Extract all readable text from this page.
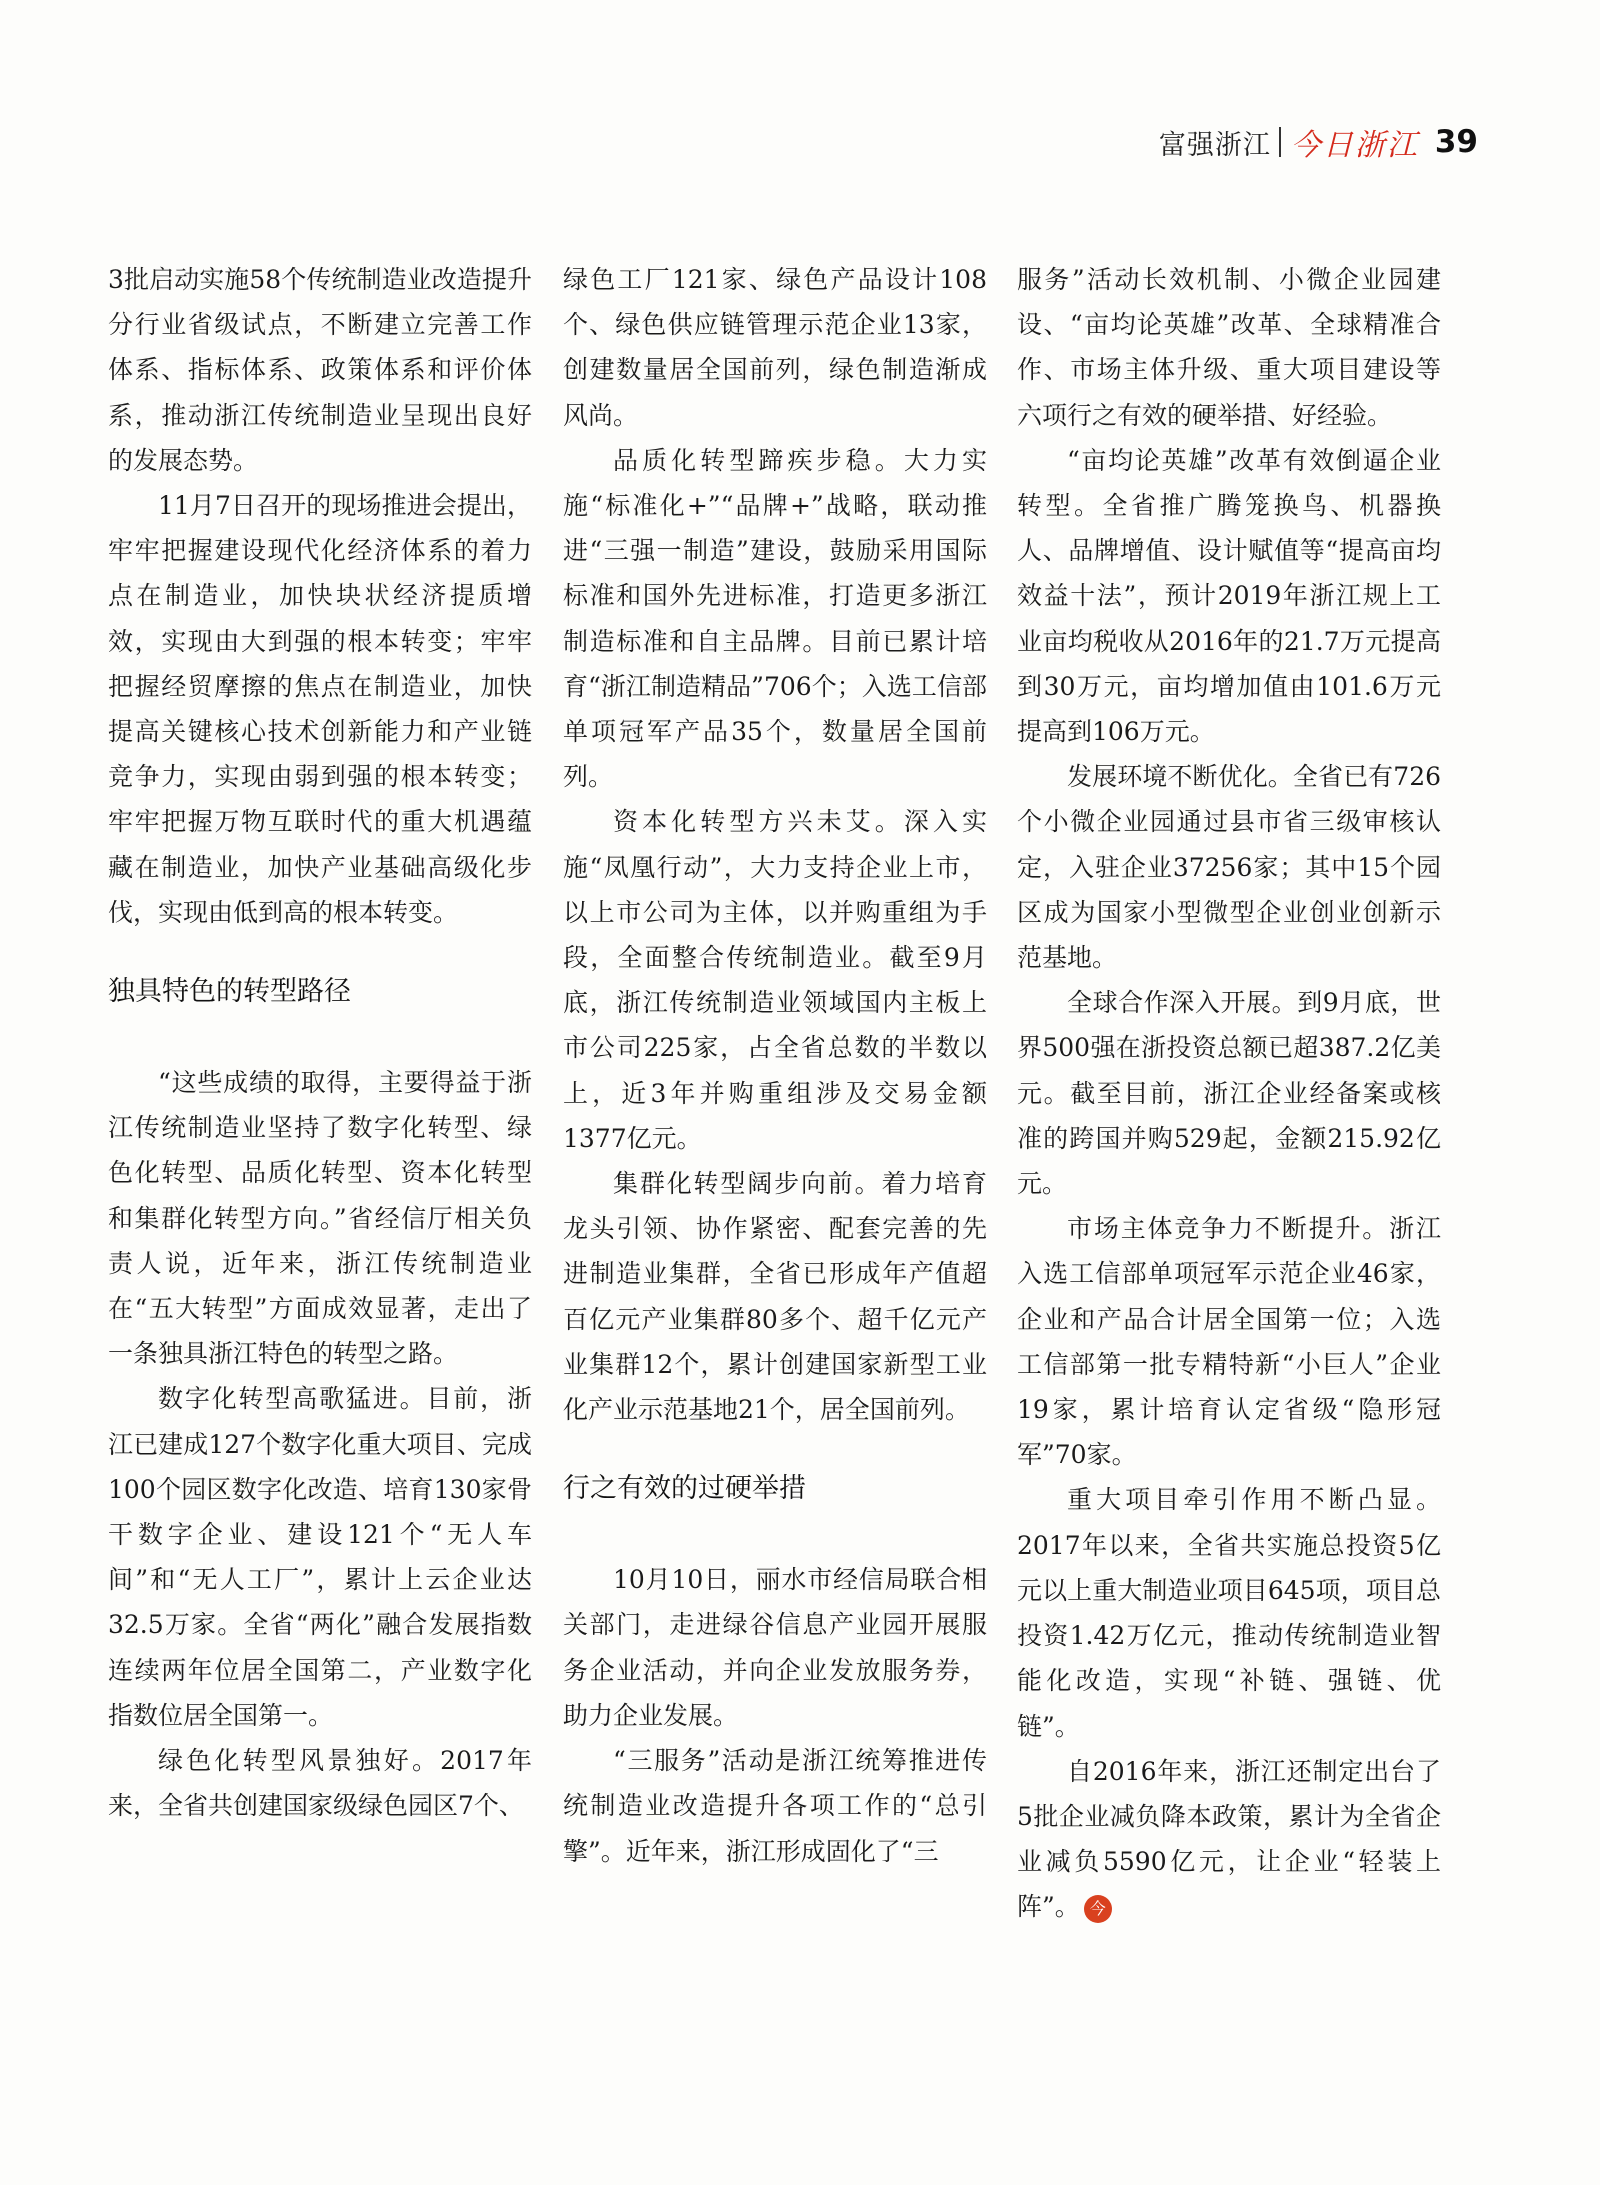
富强浙江 今日浙江 39

3批启动实施58个传统制造业改造提升分行业省级试点，不断建立完善工作体系、指标体系、政策体系和评价体系，推动浙江传统制造业呈现出良好的发展态势。

11月7日召开的现场推进会提出，牢牢把握建设现代化经济体系的着力点在制造业，加快块状经济提质增效，实现由大到强的根本转变；牢牢把握经贸摩擦的焦点在制造业，加快提高关键核心技术创新能力和产业链竞争力，实现由弱到强的根本转变；牢牢把握万物互联时代的重大机遇蕴藏在制造业，加快产业基础高级化步伐，实现由低到高的根本转变。

独具特色的转型路径

“这些成绩的取得，主要得益于浙江传统制造业坚持了数字化转型、绿色化转型、品质化转型、资本化转型和集群化转型方向。”省经信厅相关负责人说，近年来，浙江传统制造业在“五大转型”方面成效显著，走出了一条独具浙江特色的转型之路。

数字化转型高歌猛进。目前，浙江已建成127个数字化重大项目、完成100个园区数字化改造、培育130家骨干数字企业、建设121个“无人车间”和“无人工厂”，累计上云企业达32.5万家。全省“两化”融合发展指数连续两年位居全国第二，产业数字化指数位居全国第一。

绿色化转型风景独好。2017年来，全省共创建国家级绿色园区7个、

绿色工厂121家、绿色产品设计108个、绿色供应链管理示范企业13家，创建数量居全国前列，绿色制造渐成风尚。

品质化转型蹄疾步稳。大力实施“标准化+”“品牌+”战略，联动推进“三强一制造”建设，鼓励采用国际标准和国外先进标准，打造更多浙江制造标准和自主品牌。目前已累计培育“浙江制造精品”706个；入选工信部单项冠军产品35个，数量居全国前列。

资本化转型方兴未艾。深入实施“凤凰行动”，大力支持企业上市，以上市公司为主体，以并购重组为手段，全面整合传统制造业。截至9月底，浙江传统制造业领域国内主板上市公司225家，占全省总数的半数以上，近3年并购重组涉及交易金额1377亿元。

集群化转型阔步向前。着力培育龙头引领、协作紧密、配套完善的先进制造业集群，全省已形成年产值超百亿元产业集群80多个、超千亿元产业集群12个，累计创建国家新型工业化产业示范基地21个，居全国前列。

行之有效的过硬举措

10月10日，丽水市经信局联合相关部门，走进绿谷信息产业园开展服务企业活动，并向企业发放服务券，助力企业发展。

“三服务”活动是浙江统筹推进传统制造业改造提升各项工作的“总引擎”。近年来，浙江形成固化了“三

服务”活动长效机制、小微企业园建设、“亩均论英雄”改革、全球精准合作、市场主体升级、重大项目建设等六项行之有效的硬举措、好经验。

“亩均论英雄”改革有效倒逼企业转型。全省推广腾笼换鸟、机器换人、品牌增值、设计赋值等“提高亩均效益十法”，预计2019年浙江规上工业亩均税收从2016年的21.7万元提高到30万元，亩均增加值由101.6万元提高到106万元。

发展环境不断优化。全省已有726个小微企业园通过县市省三级审核认定，入驻企业37256家；其中15个园区成为国家小型微型企业创业创新示范基地。

全球合作深入开展。到9月底，世界500强在浙投资总额已超387.2亿美元。截至目前，浙江企业经备案或核准的跨国并购529起，金额215.92亿元。

市场主体竞争力不断提升。浙江入选工信部单项冠军示范企业46家，企业和产品合计居全国第一位；入选工信部第一批专精特新“小巨人”企业19家，累计培育认定省级“隐形冠军”70家。

重大项目牵引作用不断凸显。2017年以来，全省共实施总投资5亿元以上重大制造业项目645项，项目总投资1.42万亿元，推动传统制造业智能化改造，实现“补链、强链、优链”。

自2016年来，浙江还制定出台了5批企业减负降本政策，累计为全省企业减负5590亿元，让企业“轻装上阵”。 今
